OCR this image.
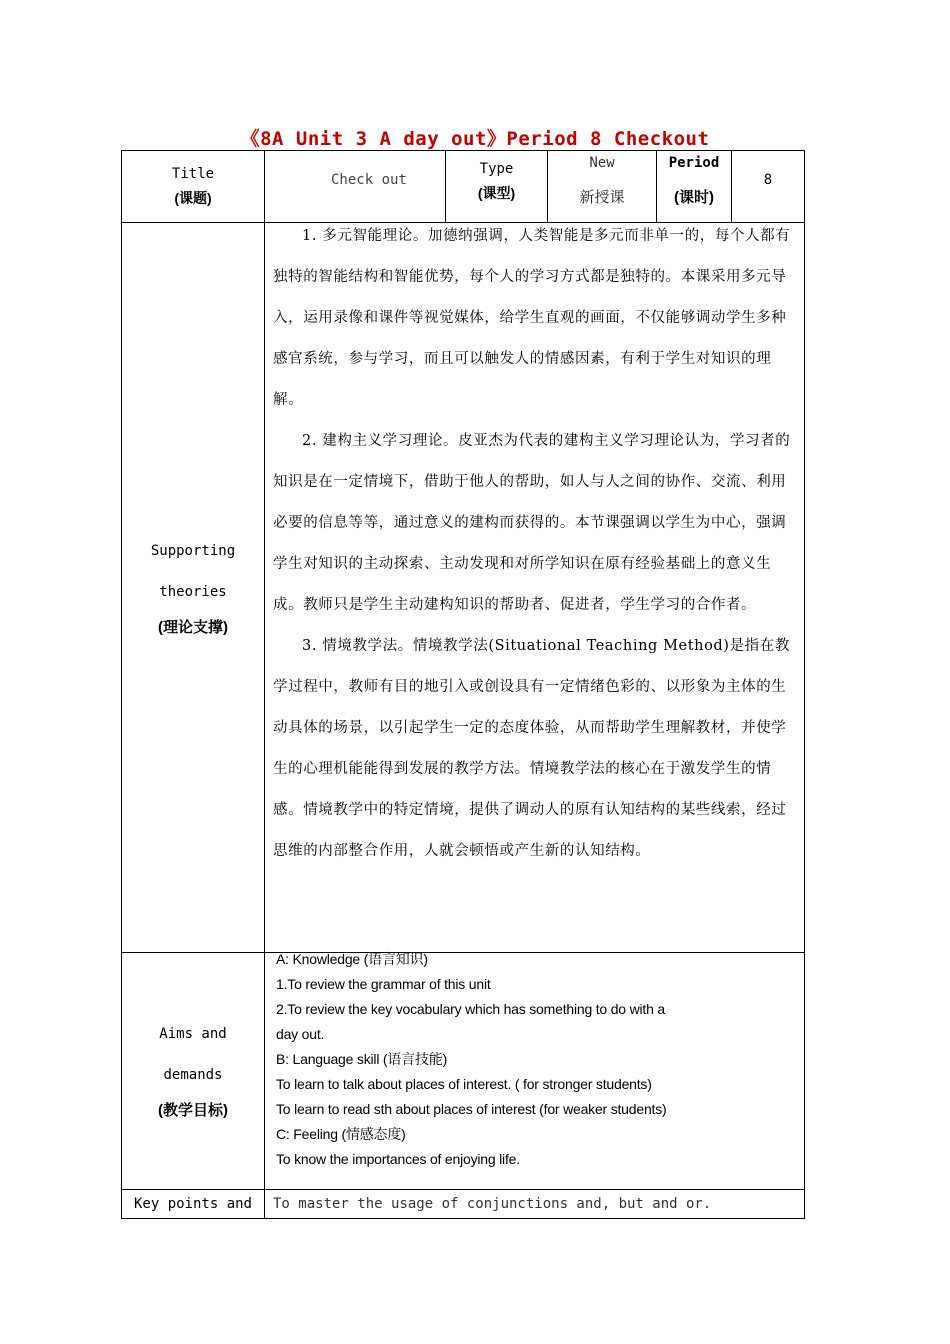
《8A Unit 3 A day out》Period 8 Checkout
Title
(课题)
Check out
Type
(课型)
New
新授课
Period
(课时)
8
Supporting
theories
(理论支撑)

1. 多元智能理论。加德纳强调，人类智能是多元而非单一的，每个人都有独特的智能结构和智能优势，每个人的学习方式都是独特的。本课采用多元导入，运用录像和课件等视觉媒体，给学生直观的画面，不仅能够调动学生多种感官系统，参与学习，而且可以触发人的情感因素，有利于学生对知识的理解。

2. 建构主义学习理论。皮亚杰为代表的建构主义学习理论认为，学习者的知识是在一定情境下，借助于他人的帮助，如人与人之间的协作、交流、利用必要的信息等等，通过意义的建构而获得的。本节课强调以学生为中心，强调学生对知识的主动探索、主动发现和对所学知识在原有经验基础上的意义生成。教师只是学生主动建构知识的帮助者、促进者，学生学习的合作者。

3. 情境教学法。情境教学法(Situational Teaching Method)是指在教学过程中，教师有目的地引入或创设具有一定情绪色彩的、以形象为主体的生动具体的场景，以引起学生一定的态度体验，从而帮助学生理解教材，并使学生的心理机能能得到发展的教学方法。情境教学法的核心在于激发学生的情感。情境教学中的特定情境，提供了调动人的原有认知结构的某些线索，经过思维的内部整合作用，人就会顿悟或产生新的认知结构。

Aims and
demands
(教学目标)
A: Knowledge (语言知识)
1.To review the grammar of this unit
2.To review the key vocabulary which has something to do with a
day out.
B: Language skill (语言技能)
To learn to talk about places of interest. ( for stronger students)
To learn to read sth about places of interest (for weaker students)
C: Feeling (情感态度)
To know the importances of enjoying life.
Key points and	To master the usage of conjunctions and, but and or.
